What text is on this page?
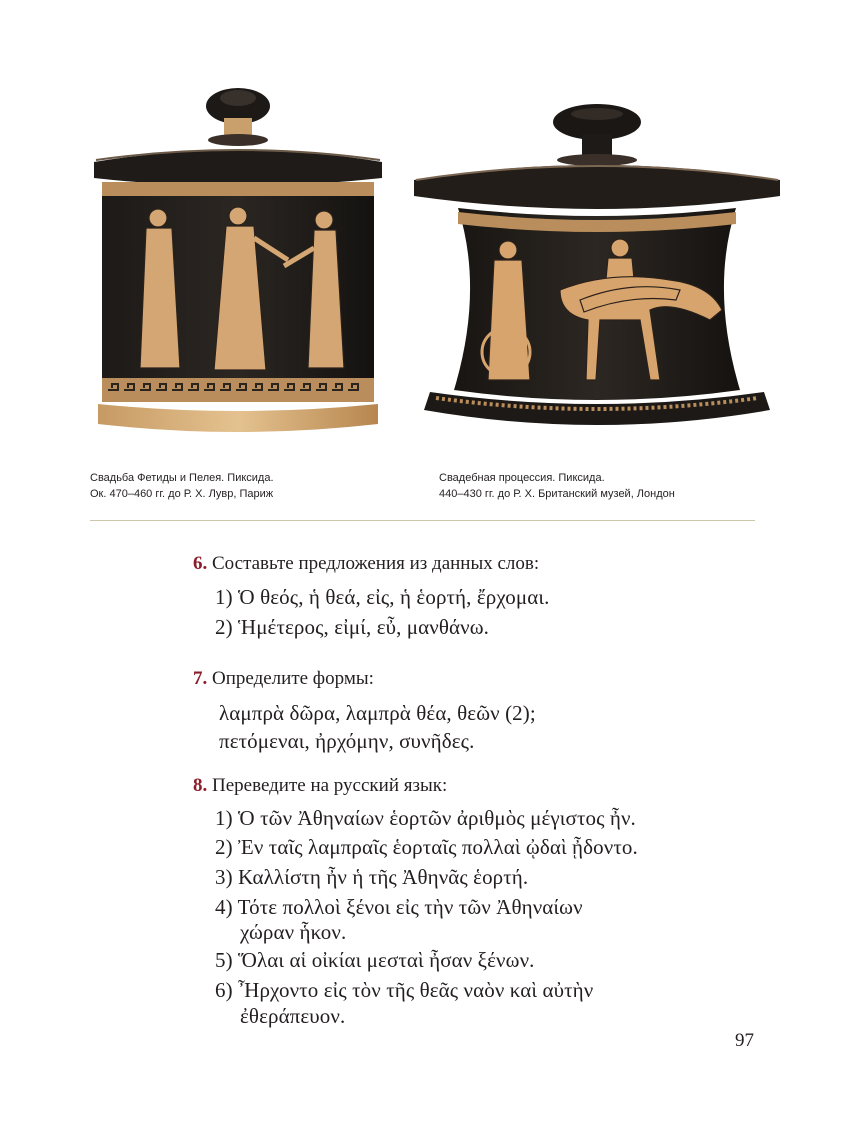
Свадьба Фетиды и Пелея. Пиксида.
Ок. 470–460 гг. до Р. Х. Лувр, Париж
Свадебная процессия. Пиксида.
440–430 гг. до Р. Х. Британский музей, Лондон
6. Составьте предложения из данных слов:
1) Ὁ θεός, ἡ θεά, εἰς, ἡ ἑορτή, ἔρχομαι.
2) Ἡμέτερος, εἰμί, εὖ, μανθάνω.
7. Определите формы:
λαμπρὰ δῶρα, λαμπρὰ θέα, θεῶν (2);
πετόμεναι, ἠρχόμην, συνῆδες.
8. Переведите на русский язык:
1) Ὁ τῶν Ἀθηναίων ἑορτῶν ἀριθμὸς μέγιστος ἦν.
2) Ἐν ταῖς λαμπραῖς ἑορταῖς πολλαὶ ᾠδαὶ ᾖδοντο.
3) Καλλίστη ἦν ἡ τῆς Ἀθηνᾶς ἑορτή.
4) Τότε πολλοὶ ξένοι εἰς τὴν τῶν Ἀθηναίων
χώραν ἧκον.
5) Ὅλαι αἱ οἰκίαι μεσταὶ ἦσαν ξένων.
6) Ἦρχοντο εἰς τὸν τῆς θεᾶς ναὸν καὶ αὐτὴν
ἐθεράπευον.
97
